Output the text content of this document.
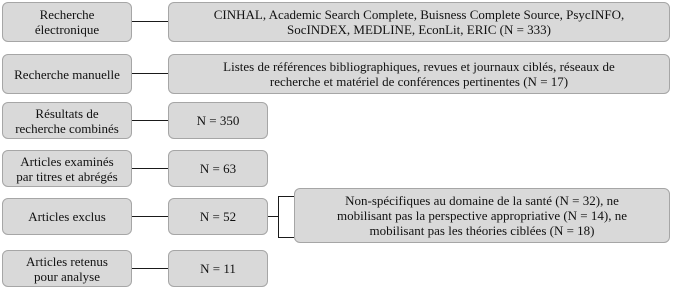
Recherche
électronique
CINHAL, Academic Search Complete, Buisness Complete Source, PsycINFO,
SocINDEX, MEDLINE, EconLit, ERIC (N = 333)
Recherche manuelle	Listes de références bibliographiques, revues et journaux ciblés, réseaux de
recherche et matériel de conférences pertinentes (N = 17)
Résultats de
recherche combinés	N = 350
Articles examinés
par titres et abrégés	N = 63
Articles exclus	N = 52
Non-spécifiques au domaine de la santé (N = 32), ne
mobilisant pas la perspective appropriative (N = 14), ne
mobilisant pas les théories ciblées (N = 18)
Articles retenus
pour analyse	N = 11
